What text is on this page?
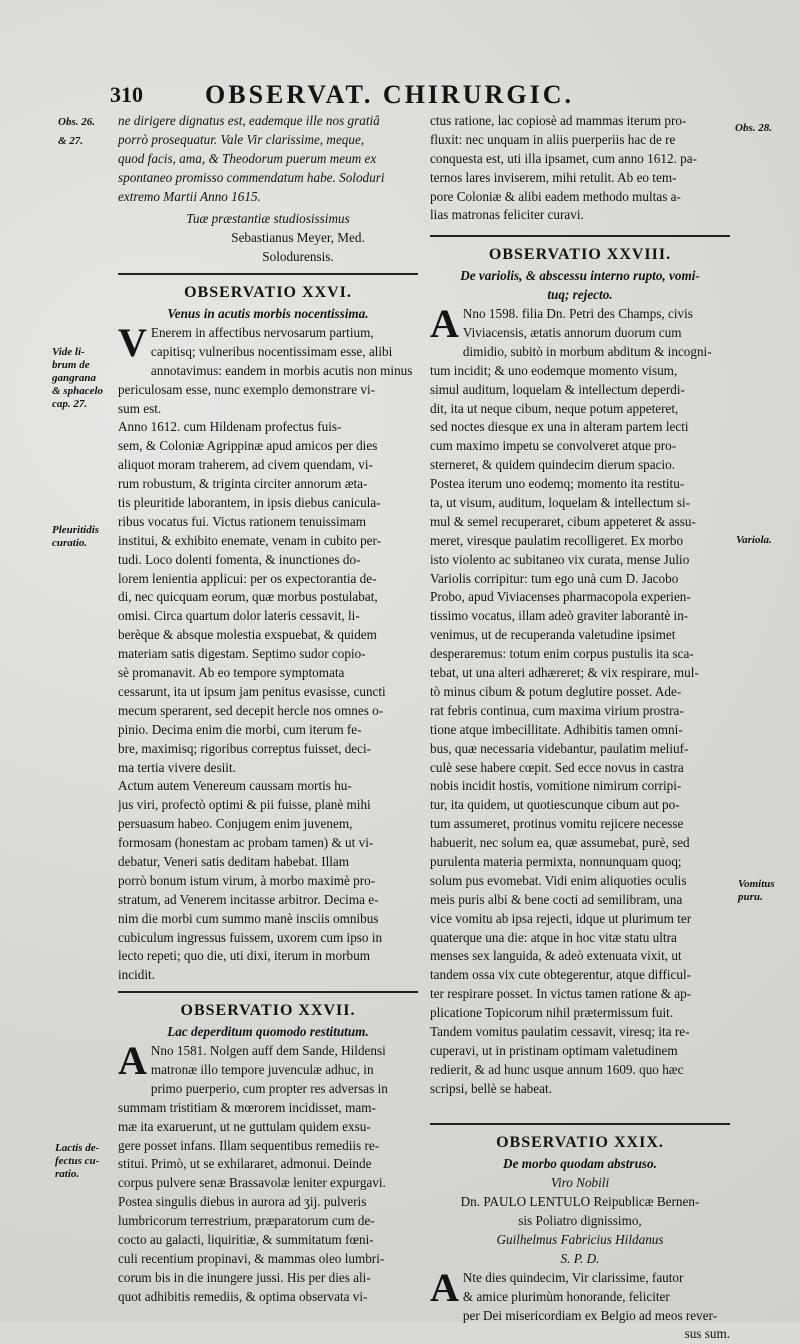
310 OBSERVAT. CHIRURGIC.
Obs. 26.
& 27.
Obs. 28.
Vide li-
brum de
gangrana
& sphacelo
cap. 27.
Pleuritidis
curatio.	Variola.
Vomitus
puru.
Lactis de-
fectus cu-
ratio.
ne dirigere dignatus est, eademque ille nos gratiâ
porrò prosequatur. Vale Vir clarissime, meque,
quod facis, ama, & Theodorum puerum meum ex
spontaneo promisso commendatum habe. Soloduri
extremo Martii Anno 1615.
Tuæ præstantiæ studiosissimus
Sebastianus Meyer, Med.
Solodurensis.
OBSERVATIO XXVI.
Venus in acutis morbis nocentissima.
V Enerem in affectibus nervosarum partium,
capitisq; vulneribus nocentissimam esse, alibi
annotavimus: eandem in morbis acutis non minus
periculosam esse, nunc exemplo demonstrare vi-
sum est.
Anno 1612. cum Hildenam profectus fuis-
sem, & Coloniæ Agrippinæ apud amicos per dies
aliquot moram traherem, ad civem quendam, vi-
rum robustum, & triginta circiter annorum æta-
tis pleuritide laborantem, in ipsis diebus canicula-
ribus vocatus fui. Victus rationem tenuissimam
institui, & exhibito enemate, venam in cubito per-
tudi. Loco dolenti fomenta, & inunctiones do-
lorem lenientia applicui: per os expectorantia de-
di, nec quicquam eorum, quæ morbus postulabat,
omisi. Circa quartum dolor lateris cessavit, li-
berèque & absque molestia exspuebat, & quidem
materiam satis digestam. Septimo sudor copio-
sè promanavit. Ab eo tempore symptomata
cessarunt, ita ut ipsum jam penitus evasisse, cuncti
mecum sperarent, sed decepit hercle nos omnes o-
pinio. Decima enim die morbi, cum iterum fe-
bre, maximisq; rigoribus correptus fuisset, deci-
ma tertia vivere desiit.
Actum autem Venereum caussam mortis hu-
jus viri, profectò optimi & pii fuisse, planè mihi
persuasum habeo. Conjugem enim juvenem,
formosam (honestam ac probam tamen) & ut vi-
debatur, Veneri satis deditam habebat. Illam
porrò bonum istum virum, à morbo maximè pro-
stratum, ad Venerem incitasse arbitror. Decima e-
nim die morbi cum summo manè insciis omnibus
cubiculum ingressus fuissem, uxorem cum ipso in
lecto repeti; quo die, uti dixi, iterum in morbum
incidit.
OBSERVATIO XXVII.
Lac deperditum quomodo restitutum.
A Nno 1581. Nolgen auff dem Sande, Hildensi
matronæ illo tempore juvenculæ adhuc, in
primo puerperio, cum propter res adversas in
summam tristitiam & mœrorem incidisset, mam-
mæ ita exaruerunt, ut ne guttulam quidem exsu-
gere posset infans. Illam sequentibus remediis re-
stitui. Primò, ut se exhilararet, admonui. Deinde
corpus pulvere senæ Brassavolæ leniter expurgavi.
Postea singulis diebus in aurora ad ʒij. pulveris
lumbricorum terrestrium, præparatorum cum de-
cocto au galacti, liquiritiæ, & summitatum fœni-
culi recentium propinavi, & mammas oleo lumbri-
corum bis in die inungere jussi. His per dies ali-
quot adhibitis remediis, & optima observata vi-
ctus ratione, lac copiosè ad mammas iterum pro-
fluxit: nec unquam in aliis puerperiis hac de re
conquesta est, uti illa ipsamet, cum anno 1612. pa-
ternos lares inviserem, mihi retulit. Ab eo tem-
pore Coloniæ & alibi eadem methodo multas a-
lias matronas feliciter curavi.
OBSERVATIO XXVIII.
De variolis, & abscessu interno rupto, vomi-
tuq; rejecto.
A Nno 1598. filia Dn. Petri des Champs, civis
Viviacensis, ætatis annorum duorum cum
dimidio, subitò in morbum abditum & incogni-
tum incidit; & uno eodemque momento visum,
simul auditum, loquelam & intellectum deperdi-
dit, ita ut neque cibum, neque potum appeteret,
sed noctes diesque ex una in alteram partem lecti
cum maximo impetu se convolveret atque pro-
sterneret, & quidem quindecim dierum spacio.
Postea iterum uno eodemq; momento ita restitu-
ta, ut visum, auditum, loquelam & intellectum si-
mul & semel recuperaret, cibum appeteret & assu-
meret, viresque paulatim recolligeret. Ex morbo
isto violento ac subitaneo vix curata, mense Julio
Variolis corripitur: tum ego unà cum D. Jacobo
Probo, apud Viviacenses pharmacopola experien-
tissimo vocatus, illam adeò graviter laborantè in-
venimus, ut de recuperanda valetudine ipsimet
desperaremus: totum enim corpus pustulis ita sca-
tebat, ut una alteri adhæreret; & vix respirare, mul-
tò minus cibum & potum deglutire posset. Ade-
rat febris continua, cum maxima virium prostra-
tione atque imbecillitate. Adhibitis tamen omni-
bus, quæ necessaria videbantur, paulatim meliuf-
culè sese habere cœpit. Sed ecce novus in castra
nobis incidit hostis, vomitione nimirum corripi-
tur, ita quidem, ut quotiescunque cibum aut po-
tum assumeret, protinus vomitu rejicere necesse
habuerit, nec solum ea, quæ assumebat, purè, sed
purulenta materia permixta, nonnunquam quoq;
solum pus evomebat. Vidi enim aliquoties oculis
meis puris albi & bene cocti ad semilibram, una
vice vomitu ab ipsa rejecti, idque ut plurimum ter
quaterque una die: atque in hoc vitæ statu ultra
menses sex languida, & adeò extenuata vixit, ut
tandem ossa vix cute obtegerentur, atque difficul-
ter respirare posset. In victus tamen ratione & ap-
plicatione Topicorum nihil prætermissum fuit.
Tandem vomitus paulatim cessavit, viresq; ita re-
cuperavi, ut in pristinam optimam valetudinem
redierit, & ad hunc usque annum 1609. quo hæc
scripsi, bellè se habeat.
OBSERVATIO XXIX.
De morbo quodam abstruso.
Viro Nobili
Dn. PAULO LENTULO Reipublicæ Bernen-
sis Poliatro dignissimo,
Guilhelmus Fabricius Hildanus
S. P. D.
A Nte dies quindecim, Vir clarissime, fautor
& amice plurimùm honorande, feliciter
per Dei misericordiam ex Belgio ad meos rever-
sus sum.
